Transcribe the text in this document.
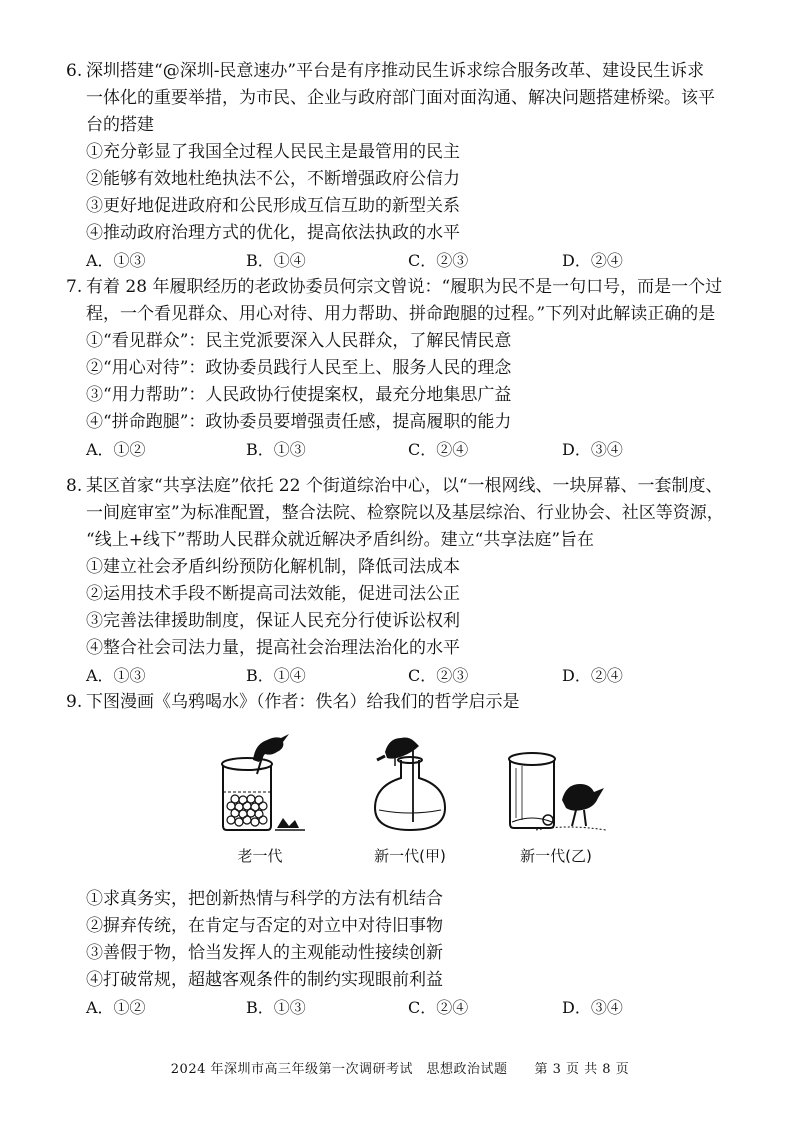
6. 深圳搭建“@深圳-民意速办”平台是有序推动民生诉求综合服务改革、建设民生诉求
一体化的重要举措，为市民、企业与政府部门面对面沟通、解决问题搭建桥梁。该平
台的搭建
①充分彰显了我国全过程人民民主是最管用的民主
②能够有效地杜绝执法不公，不断增强政府公信力
③更好地促进政府和公民形成互信互助的新型关系
④推动政府治理方式的优化，提高依法执政的水平
A．①③	B．①④	C．②③	D．②④
7. 有着 28 年履职经历的老政协委员何宗文曾说：“履职为民不是一句口号，而是一个过
程，一个看见群众、用心对待、用力帮助、拼命跑腿的过程。”下列对此解读正确的是
①“看见群众”：民主党派要深入人民群众，了解民情民意
②“用心对待”：政协委员践行人民至上、服务人民的理念
③“用力帮助”：人民政协行使提案权，最充分地集思广益
④“拼命跑腿”：政协委员要增强责任感，提高履职的能力
A．①②	B．①③	C．②④	D．③④
8. 某区首家“共享法庭”依托 22 个街道综治中心，以“一根网线、一块屏幕、一套制度、
一间庭审室”为标准配置，整合法院、检察院以及基层综治、行业协会、社区等资源，
“线上+线下”帮助人民群众就近解决矛盾纠纷。建立“共享法庭”旨在
①建立社会矛盾纠纷预防化解机制，降低司法成本
②运用技术手段不断提高司法效能，促进司法公正
③完善法律援助制度，保证人民充分行使诉讼权利
④整合社会司法力量，提高社会治理法治化的水平
A．①③	B．①④	C．②③	D．②④
9. 下图漫画《乌鸦喝水》（作者：佚名）给我们的哲学启示是
老一代	新一代(甲)	新一代(乙)
①求真务实，把创新热情与科学的方法有机结合
②摒弃传统，在肯定与否定的对立中对待旧事物
③善假于物，恰当发挥人的主观能动性接续创新
④打破常规，超越客观条件的制约实现眼前利益
A．①②	B．①③	C．②④	D．③④
2024 年深圳市高三年级第一次调研考试　思想政治试题　　第 3 页 共 8 页
